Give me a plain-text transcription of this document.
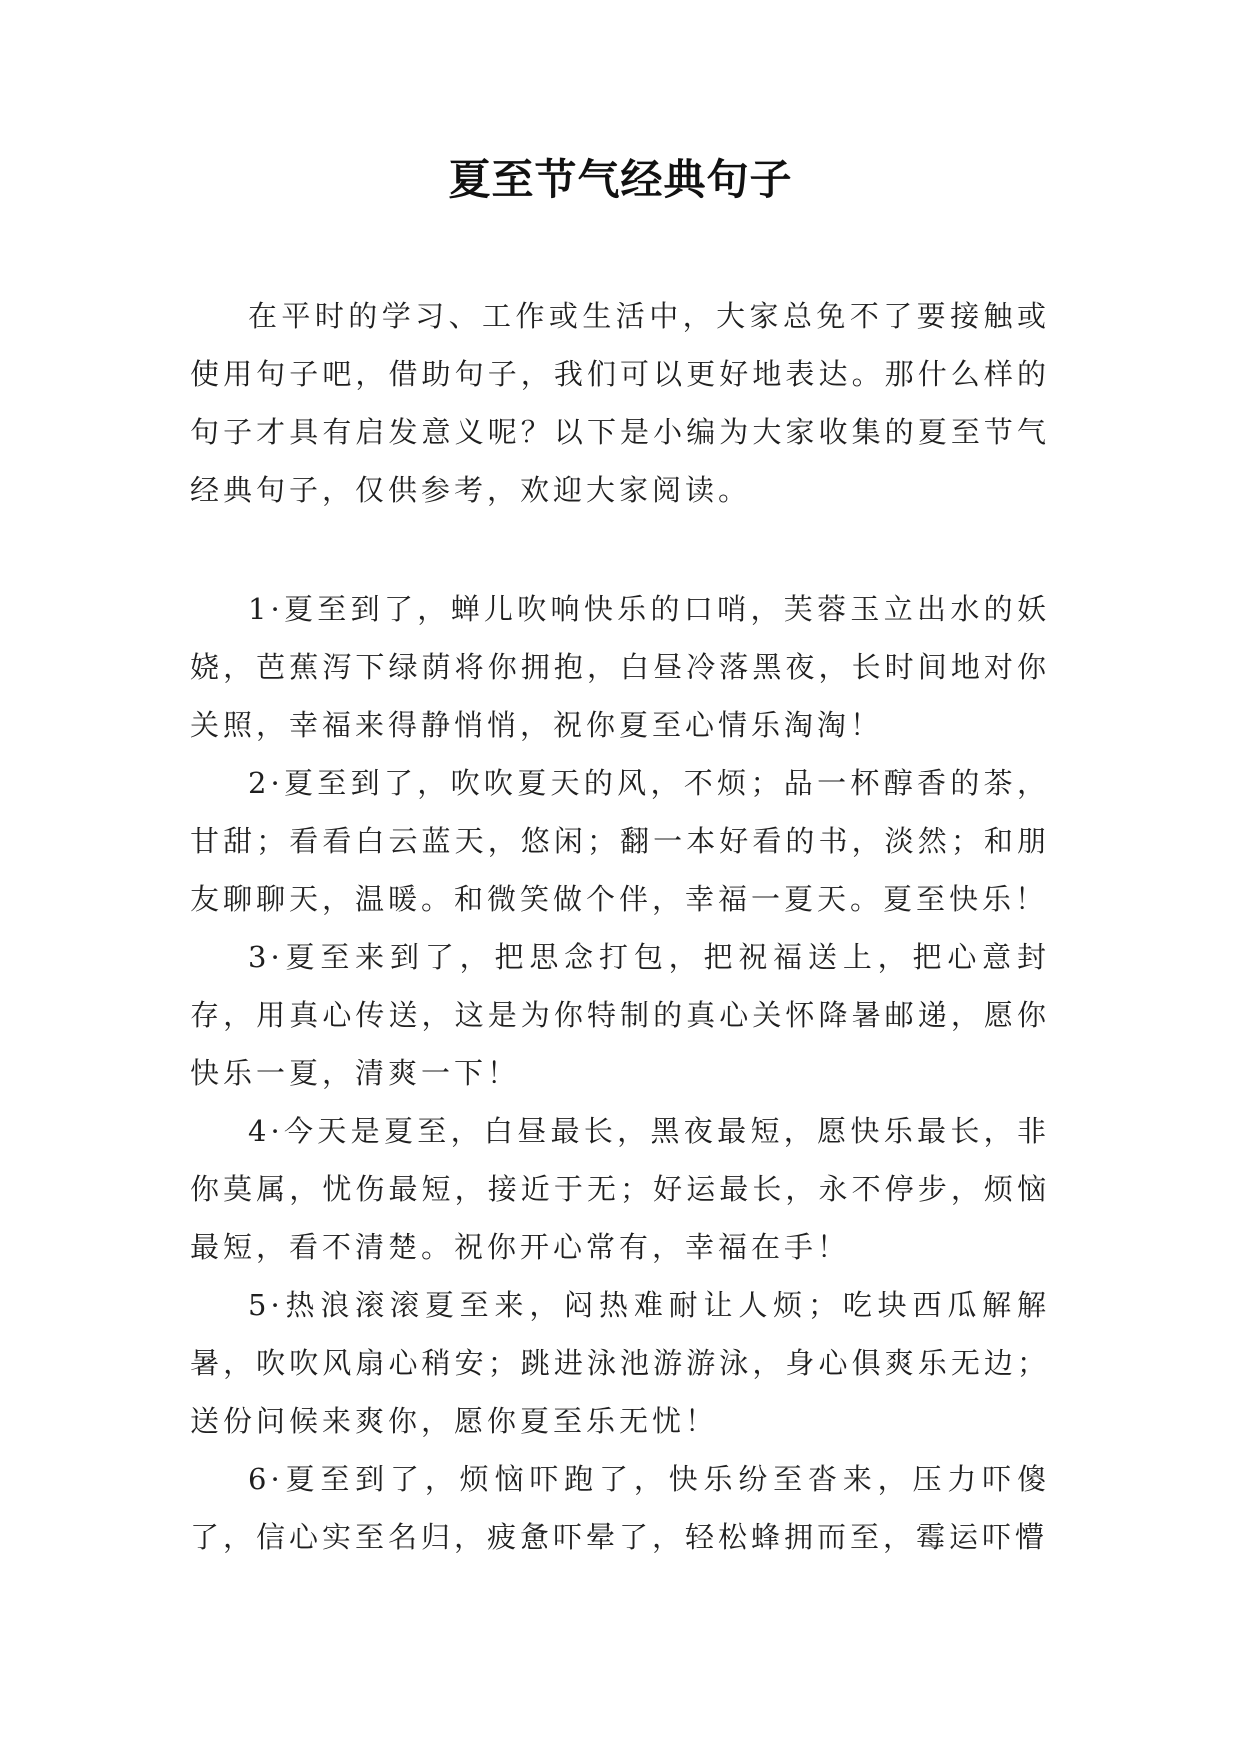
夏至节气经典句子

在平时的学习、工作或生活中，大家总免不了要接触或使用句子吧，借助句子，我们可以更好地表达。那什么样的句子才具有启发意义呢？以下是小编为大家收集的夏至节气经典句子，仅供参考，欢迎大家阅读。

1·夏至到了，蝉儿吹响快乐的口哨，芙蓉玉立出水的妖娆，芭蕉泻下绿荫将你拥抱，白昼冷落黑夜，长时间地对你关照，幸福来得静悄悄，祝你夏至心情乐淘淘！

2·夏至到了，吹吹夏天的风，不烦；品一杯醇香的茶，甘甜；看看白云蓝天，悠闲；翻一本好看的书，淡然；和朋友聊聊天，温暖。和微笑做个伴，幸福一夏天。夏至快乐！

3·夏至来到了，把思念打包，把祝福送上，把心意封存，用真心传送，这是为你特制的真心关怀降暑邮递，愿你快乐一夏，清爽一下！

4·今天是夏至，白昼最长，黑夜最短，愿快乐最长，非你莫属，忧伤最短，接近于无；好运最长，永不停步，烦恼最短，看不清楚。祝你开心常有，幸福在手！

5·热浪滚滚夏至来，闷热难耐让人烦；吃块西瓜解解暑，吹吹风扇心稍安；跳进泳池游游泳，身心俱爽乐无边；送份问候来爽你，愿你夏至乐无忧！

6·夏至到了，烦恼吓跑了，快乐纷至沓来，压力吓傻了，信心实至名归，疲惫吓晕了，轻松蜂拥而至，霉运吓懵
